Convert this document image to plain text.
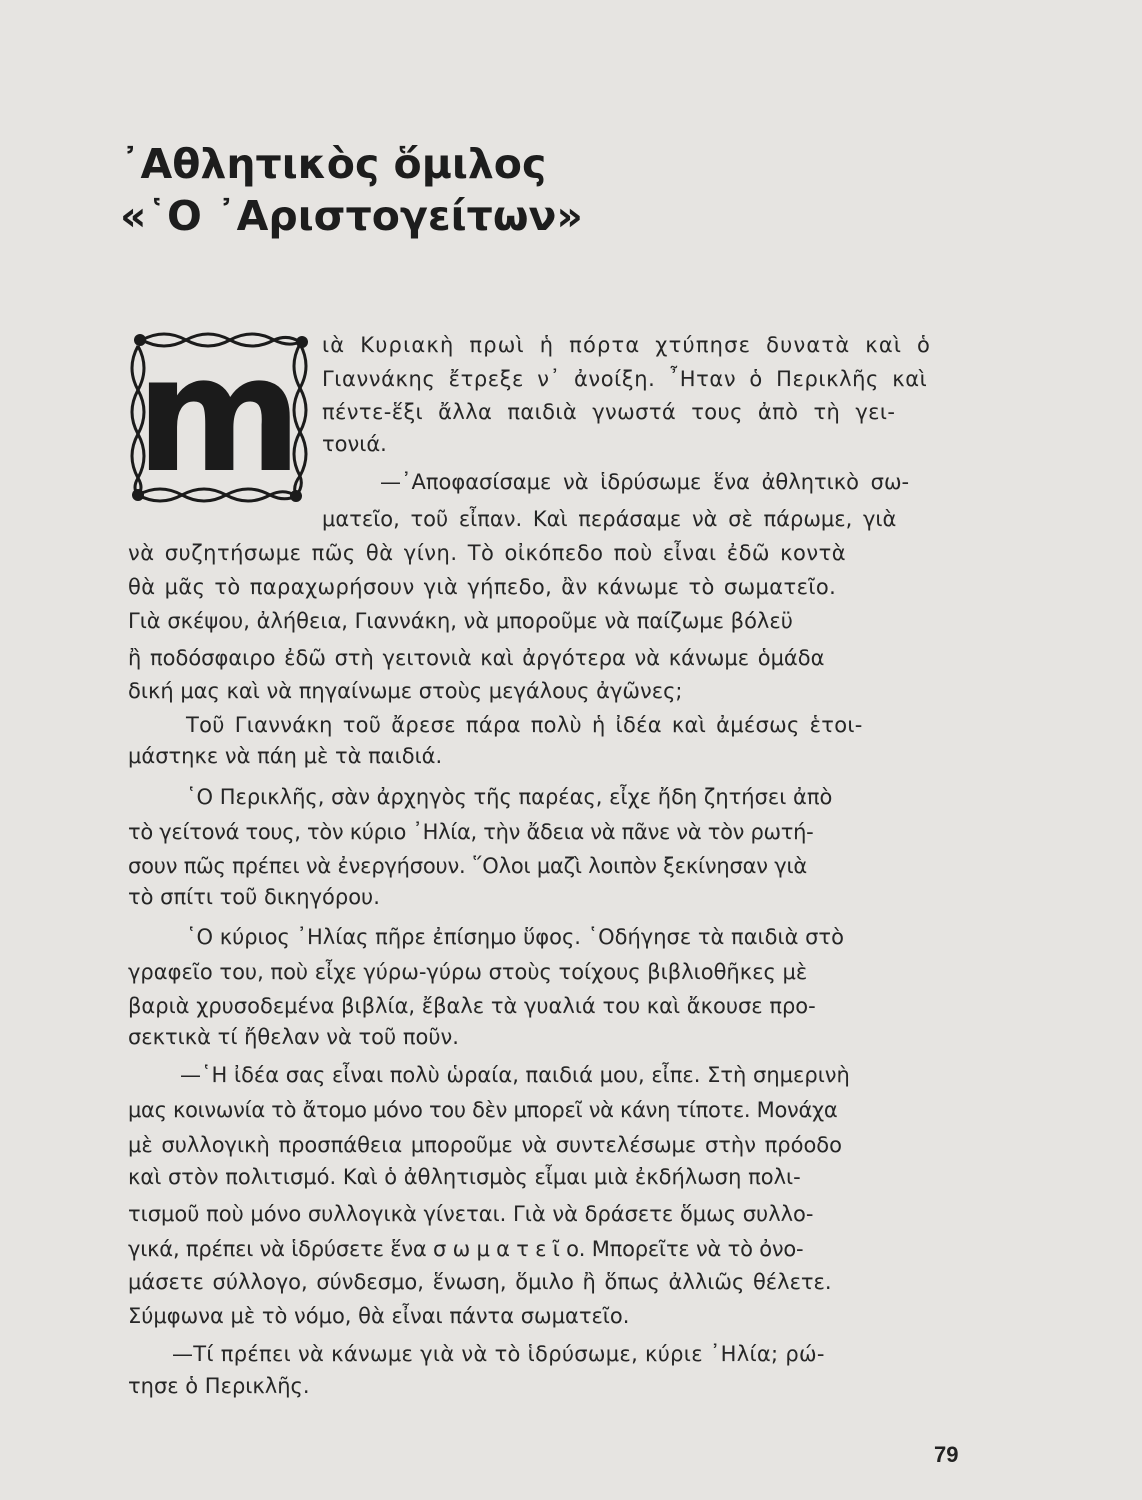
᾽Αθλητικὸς ὅμιλος
«῾Ο ᾽Αριστογείτων»
m ιὰ Κυριακὴ πρωὶ ἡ πόρτα χτύπησε δυνατὰ καὶ ὁ

Γιαννάκης ἔτρεξε ν᾽ ἀνοίξη. ῏Ηταν ὁ Περικλῆς καὶ

πέντε-ἕξι ἄλλα παιδιὰ γνωστά τους ἀπὸ τὴ γει-

τονιά.

—᾽Αποφασίσαμε νὰ ἱδρύσωμε ἕνα ἀθλητικὸ σω-

ματεῖο, τοῦ εἶπαν. Καὶ περάσαμε νὰ σὲ πάρωμε, γιὰ

νὰ συζητήσωμε πῶς θὰ γίνη. Τὸ οἰκόπεδο ποὺ εἶναι ἐδῶ κοντὰ

θὰ μᾶς τὸ παραχωρήσουν γιὰ γήπεδο, ἂν κάνωμε τὸ σωματεῖο.

Γιὰ σκέψου, ἀλήθεια, Γιαννάκη, νὰ μποροῦμε νὰ παίζωμε βόλεϋ

ἢ ποδόσφαιρο ἐδῶ στὴ γειτονιὰ καὶ ἀργότερα νὰ κάνωμε ὁμάδα

δική μας καὶ νὰ πηγαίνωμε στοὺς μεγάλους ἀγῶνες;

Τοῦ Γιαννάκη τοῦ ἄρεσε πάρα πολὺ ἡ ἰδέα καὶ ἀμέσως ἑτοι-

μάστηκε νὰ πάη μὲ τὰ παιδιά.

῾Ο Περικλῆς, σὰν ἀρχηγὸς τῆς παρέας, εἶχε ἤδη ζητήσει ἀπὸ

τὸ γείτονά τους, τὸν κύριο ᾽Ηλία, τὴν ἄδεια νὰ πᾶνε νὰ τὸν ρωτή-

σουν πῶς πρέπει νὰ ἐνεργήσουν. ῞Ολοι μαζὶ λοιπὸν ξεκίνησαν γιὰ

τὸ σπίτι τοῦ δικηγόρου.

῾Ο κύριος ᾽Ηλίας πῆρε ἐπίσημο ὕφος. ῾Οδήγησε τὰ παιδιὰ στὸ

γραφεῖο του, ποὺ εἶχε γύρω-γύρω στοὺς τοίχους βιβλιοθῆκες μὲ

βαριὰ χρυσοδεμένα βιβλία, ἔβαλε τὰ γυαλιά του καὶ ἄκουσε προ-

σεκτικὰ τί ἤθελαν νὰ τοῦ ποῦν.

—῾Η ἰδέα σας εἶναι πολὺ ὡραία, παιδιά μου, εἶπε. Στὴ σημερινὴ

μας κοινωνία τὸ ἄτομο μόνο του δὲν μπορεῖ νὰ κάνη τίποτε. Μονάχα

μὲ συλλογικὴ προσπάθεια μποροῦμε νὰ συντελέσωμε στὴν πρόοδο

καὶ στὸν πολιτισμό. Καὶ ὁ ἀθλητισμὸς εἶμαι μιὰ ἐκδήλωση πολι-

τισμοῦ ποὺ μόνο συλλογικὰ γίνεται. Γιὰ νὰ δράσετε ὅμως συλλο-

γικά, πρέπει νὰ ἱδρύσετε ἕνα σ ω μ α τ ε ῖ ο. Μπορεῖτε νὰ τὸ ὀνο-

μάσετε σύλλογο, σύνδεσμο, ἕνωση, ὅμιλο ἢ ὅπως ἀλλιῶς θέλετε.

Σύμφωνα μὲ τὸ νόμο, θὰ εἶναι πάντα σωματεῖο.

—Τί πρέπει νὰ κάνωμε γιὰ νὰ τὸ ἱδρύσωμε, κύριε ᾽Ηλία; ρώ-

τησε ὁ Περικλῆς.

79
